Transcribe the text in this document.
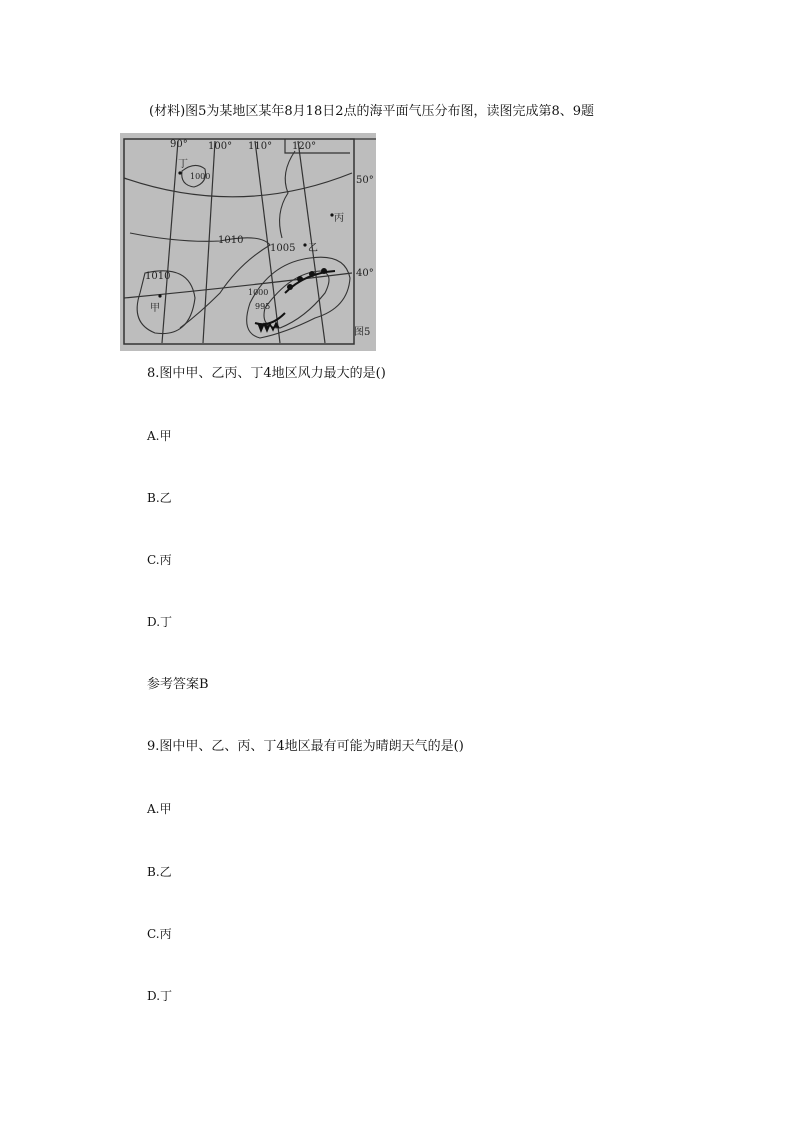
(材料)图5为某地区某年8月18日2点的海平面气压分布图，读图完成第8、9题
90° 100° 110° 120°
50°
40°
1010
1010
1005
1000
995
1000
丁
丙
乙
甲
图5
8.图中甲、乙丙、丁4地区风力最大的是()
A.甲
B.乙
C.丙
D.丁
参考答案B
9.图中甲、乙、丙、丁4地区最有可能为晴朗天气的是()
A.甲
B.乙
C.丙
D.丁
